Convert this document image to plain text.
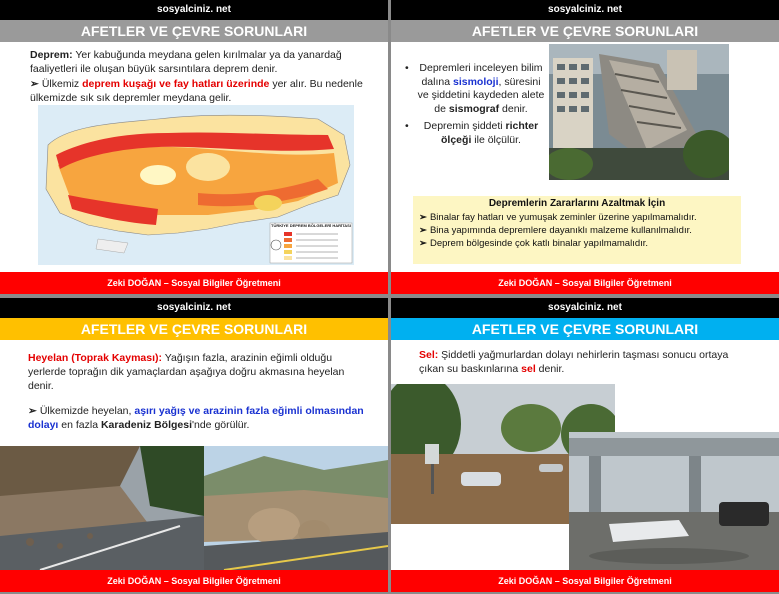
sosyalciniz. net
AFETLER VE ÇEVRE SORUNLARI
Deprem: Yer kabuğunda meydana gelen kırılmalar ya da yanardağ faaliyetleri ile oluşan büyük sarsıntılara deprem denir.
➢ Ülkemiz deprem kuşağı ve fay hatları üzerinde yer alır. Bu nedenle ülkemizde sık sık depremler meydana gelir.
TÜRKİYE DEPREM BÖLGELERİ HARİTASI
Zeki DOĞAN – Sosyal Bilgiler Öğretmeni
sosyalciniz. net
AFETLER VE ÇEVRE SORUNLARI
• Depremleri inceleyen bilim dalına sismoloji, süresini ve şiddetini kaydeden alete de sismograf denir.
• Depremin şiddeti richter ölçeği ile ölçülür.
Depremlerin Zararlarını Azaltmak İçin
➢ Binalar fay hatları ve yumuşak zeminler üzerine yapılmamalıdır.
➢ Bina yapımında depremlere dayanıklı malzeme kullanılmalıdır.
➢ Deprem bölgesinde çok katlı binalar yapılmamalıdır.
Zeki DOĞAN – Sosyal Bilgiler Öğretmeni
sosyalciniz. net
AFETLER VE ÇEVRE SORUNLARI
Heyelan (Toprak Kayması): Yağışın fazla, arazinin eğimli olduğu yerlerde toprağın dik yamaçlardan aşağıya doğru akmasına heyelan denir.
➢ Ülkemizde heyelan, aşırı yağış ve arazinin fazla eğimli olmasından dolayı en fazla Karadeniz Bölgesi'nde görülür.
Zeki DOĞAN – Sosyal Bilgiler Öğretmeni
sosyalciniz. net
AFETLER VE ÇEVRE SORUNLARI
Sel: Şiddetli yağmurlardan dolayı nehirlerin taşması sonucu ortaya çıkan su baskınlarına sel denir.
Zeki DOĞAN – Sosyal Bilgiler Öğretmeni
